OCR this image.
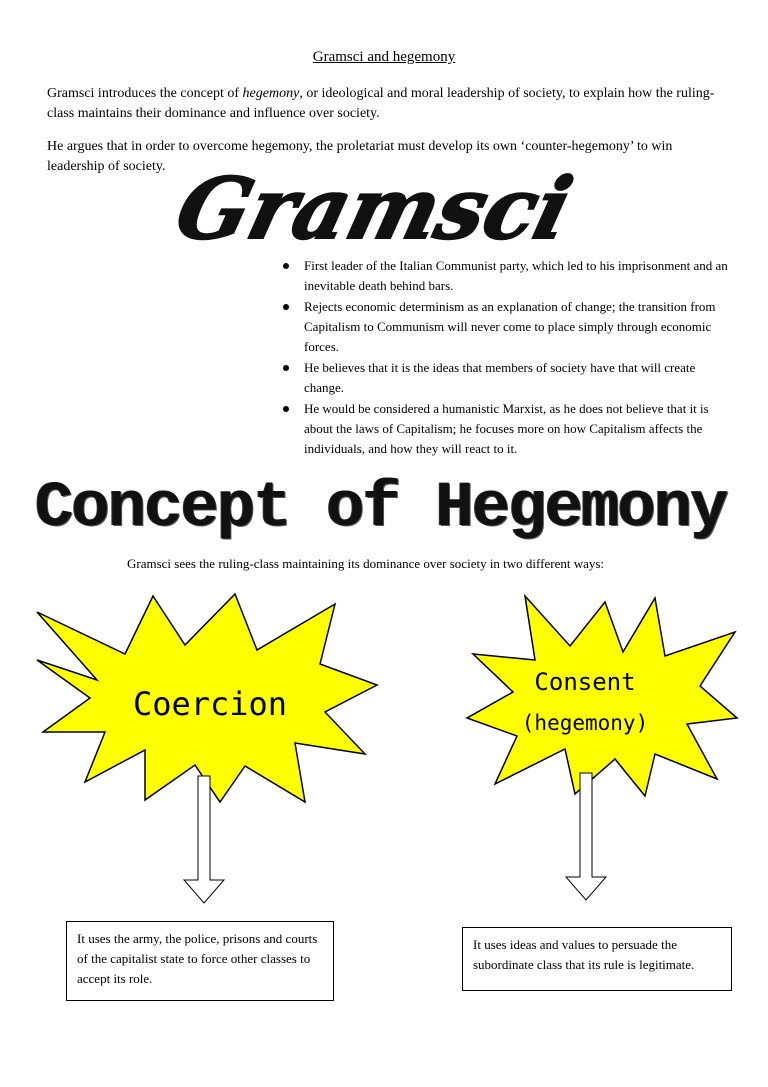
Gramsci and hegemony
Gramsci introduces the concept of hegemony, or ideological and moral leadership of society, to explain how the ruling-class maintains their dominance and influence over society.
He argues that in order to overcome hegemony, the proletariat must develop its own ‘counter-hegemony’ to win leadership of society. Gramsci
First leader of the Italian Communist party, which led to his imprisonment and an inevitable death behind bars.
Rejects economic determinism as an explanation of change; the transition from Capitalism to Communism will never come to place simply through economic forces.
He believes that it is the ideas that members of society have that will create change.
He would be considered a humanistic Marxist, as he does not believe that it is about the laws of Capitalism; he focuses more on how Capitalism affects the individuals, and how they will react to it.
Concept of Hegemony
Gramsci sees the ruling-class maintaining its dominance over society in two different ways:
Coercion
Consent
(hegemony)
It uses the army, the police, prisons and courts of the capitalist state to force other classes to accept its role.
It uses ideas and values to persuade the subordinate class that its rule is legitimate.
